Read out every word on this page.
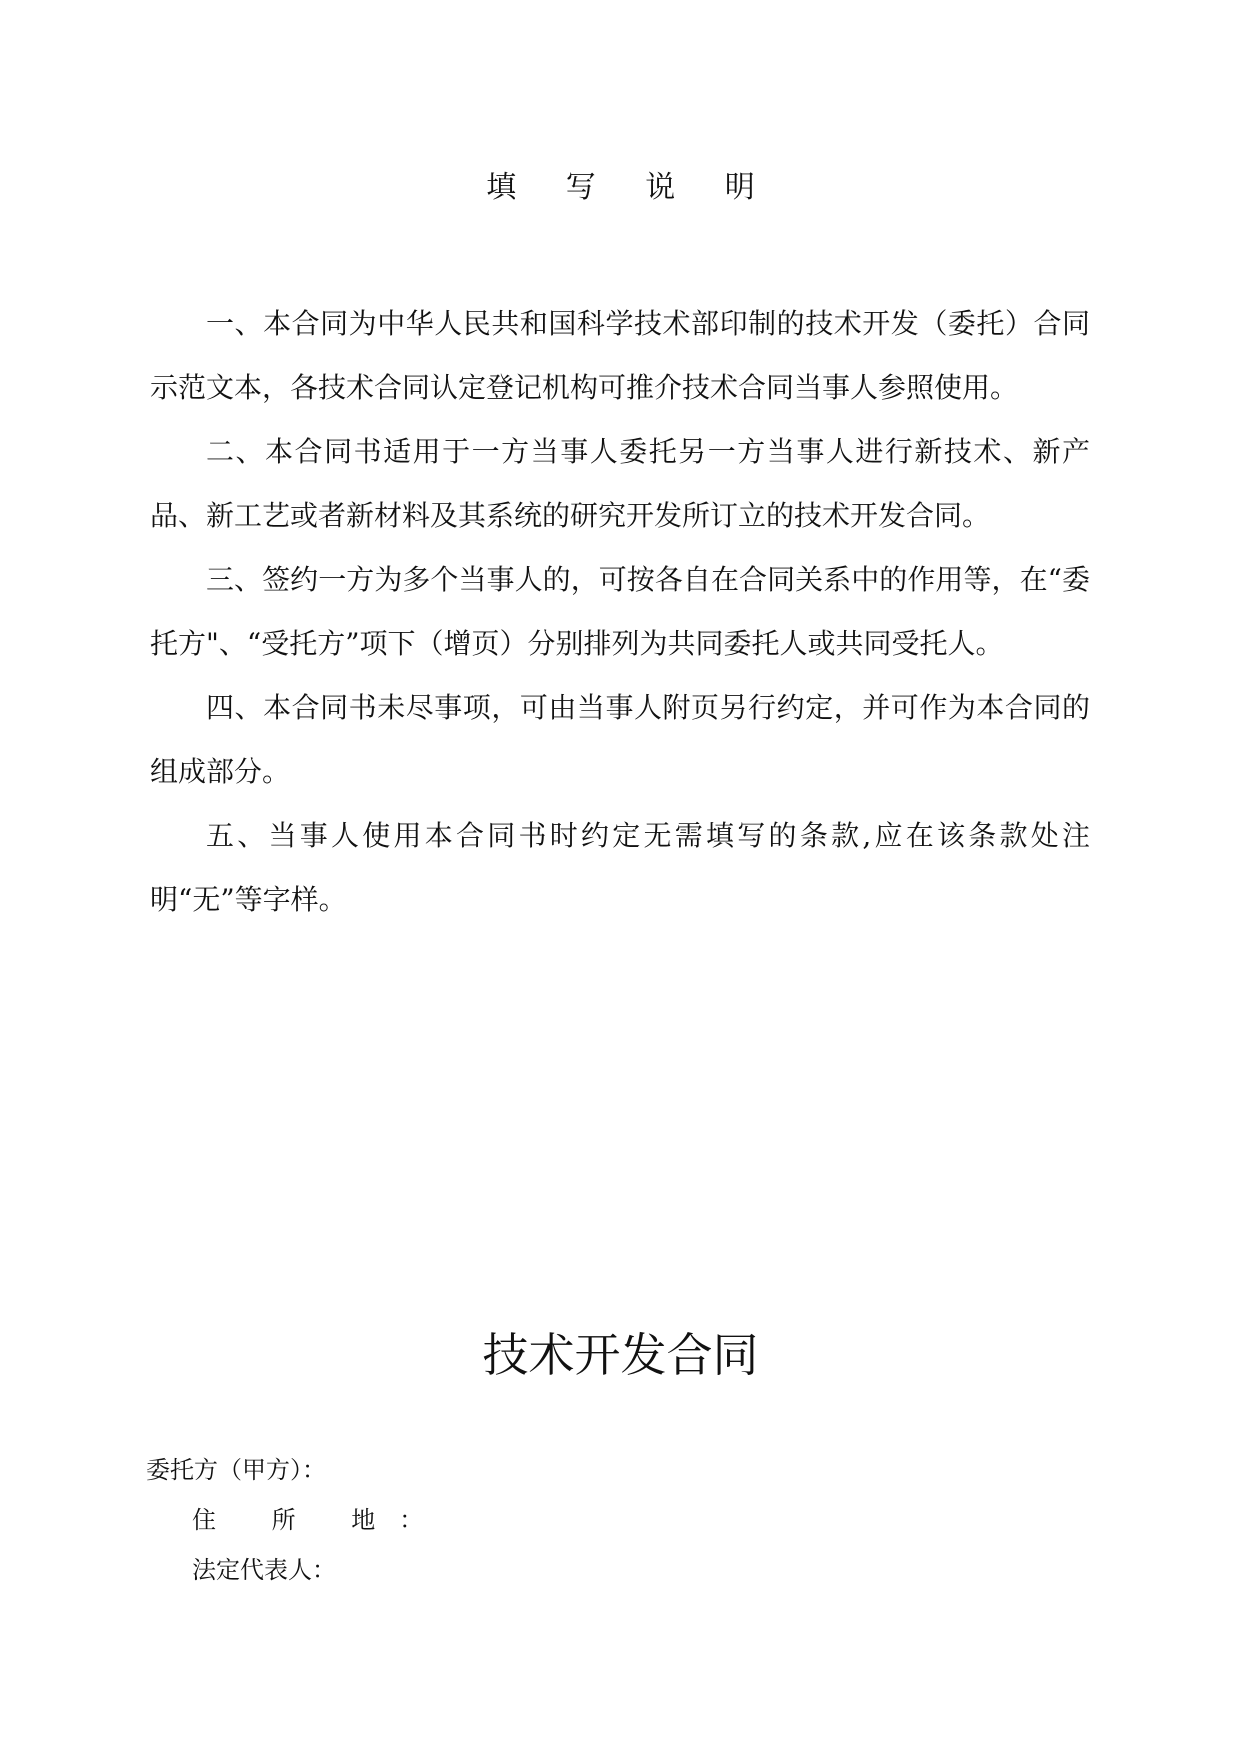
填 写 说 明

一、本合同为中华人民共和国科学技术部印制的技术开发（委托）合同示范文本，各技术合同认定登记机构可推介技术合同当事人参照使用。

二、本合同书适用于一方当事人委托另一方当事人进行新技术、新产品、新工艺或者新材料及其系统的研究开发所订立的技术开发合同。

三、签约一方为多个当事人的，可按各自在合同关系中的作用等，在“委托方"、“受托方”项下（增页）分别排列为共同委托人或共同受托人。

四、本合同书未尽事项，可由当事人附页另行约定，并可作为本合同的组成部分。

五、当事人使用本合同书时约定无需填写的条款,应在该条款处注明“无”等字样。

技术开发合同
委托方（甲方）：
住 所 地：
法定代表人：
